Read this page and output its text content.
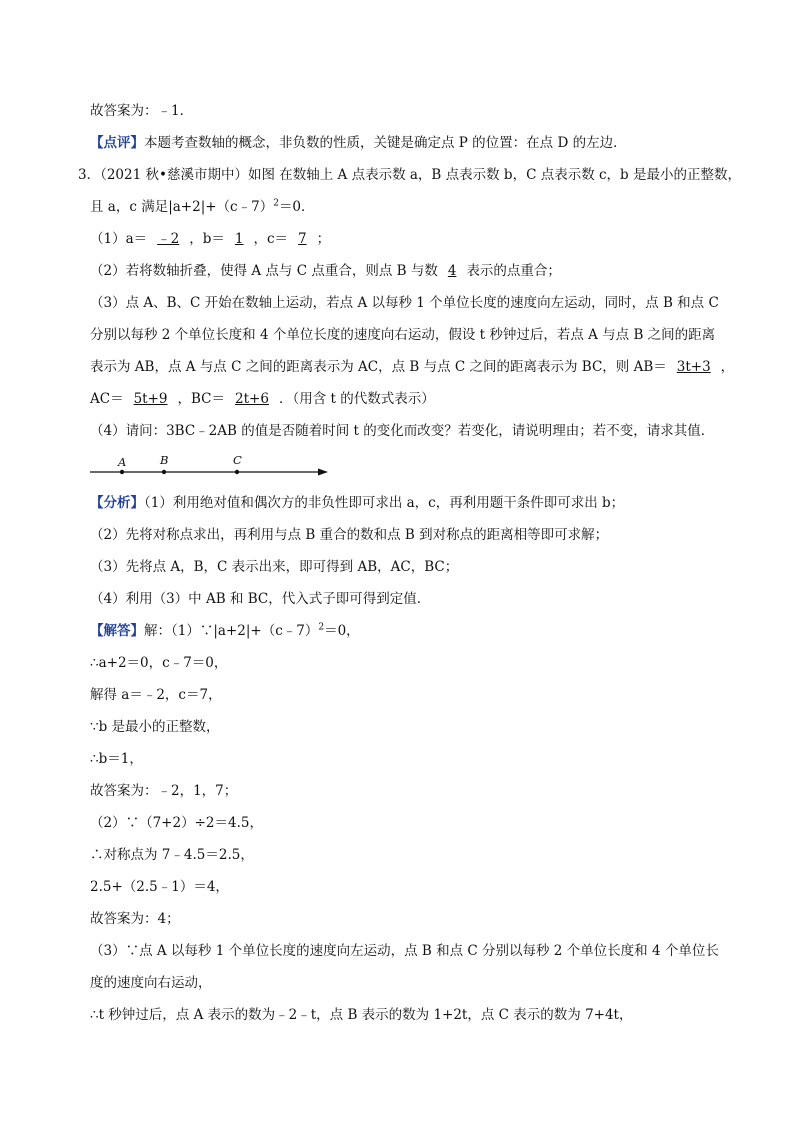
故答案为：﹣1．
【点评】本题考查数轴的概念，非负数的性质，关键是确定点 P 的位置：在点 D 的左边．
3．（2021 秋•慈溪市期中）如图 在数轴上 A 点表示数 a，B 点表示数 b，C 点表示数 c，b 是最小的正整数，
且 a，c 满足|a+2|+（c﹣7）$^2$＝0．
（1）a＝ ﹣2 ，b＝ 1 ，c＝ 7 ；
（2）若将数轴折叠，使得 A 点与 C 点重合，则点 B 与数 4 表示的点重合；
（3）点 A、B、C 开始在数轴上运动，若点 A 以每秒 1 个单位长度的速度向左运动，同时，点 B 和点 C
分别以每秒 2 个单位长度和 4 个单位长度的速度向右运动，假设 t 秒钟过后，若点 A 与点 B 之间的距离
表示为 AB，点 A 与点 C 之间的距离表示为 AC，点 B 与点 C 之间的距离表示为 BC，则 AB＝ 3t+3 ，
AC＝ 5t+9 ，BC＝ 2t+6 ．（用含 t 的代数式表示）
（4）请问：3BC﹣2AB 的值是否随着时间 t 的变化而改变？若变化，请说明理由；若不变，请求其值．
A	B	C
【分析】（1）利用绝对值和偶次方的非负性即可求出 a，c，再利用题干条件即可求出 b；
（2）先将对称点求出，再利用与点 B 重合的数和点 B 到对称点的距离相等即可求解；
（3）先将点 A，B，C 表示出来，即可得到 AB，AC，BC；
（4）利用（3）中 AB 和 BC，代入式子即可得到定值．
【解答】解：（1）∵|a+2|+（c﹣7）$^2$＝0，
∴a+2＝0，c﹣7＝0，
解得 a＝﹣2，c＝7，
∵b 是最小的正整数，
∴b＝1，
故答案为：﹣2，1，7；
（2）∵（7+2）÷2＝4.5，
∴对称点为 7﹣4.5＝2.5，
2.5+（2.5﹣1）＝4，
故答案为：4；
（3）∵点 A 以每秒 1 个单位长度的速度向左运动，点 B 和点 C 分别以每秒 2 个单位长度和 4 个单位长
度的速度向右运动，
∴t 秒钟过后，点 A 表示的数为﹣2﹣t，点 B 表示的数为 1+2t，点 C 表示的数为 7+4t，
